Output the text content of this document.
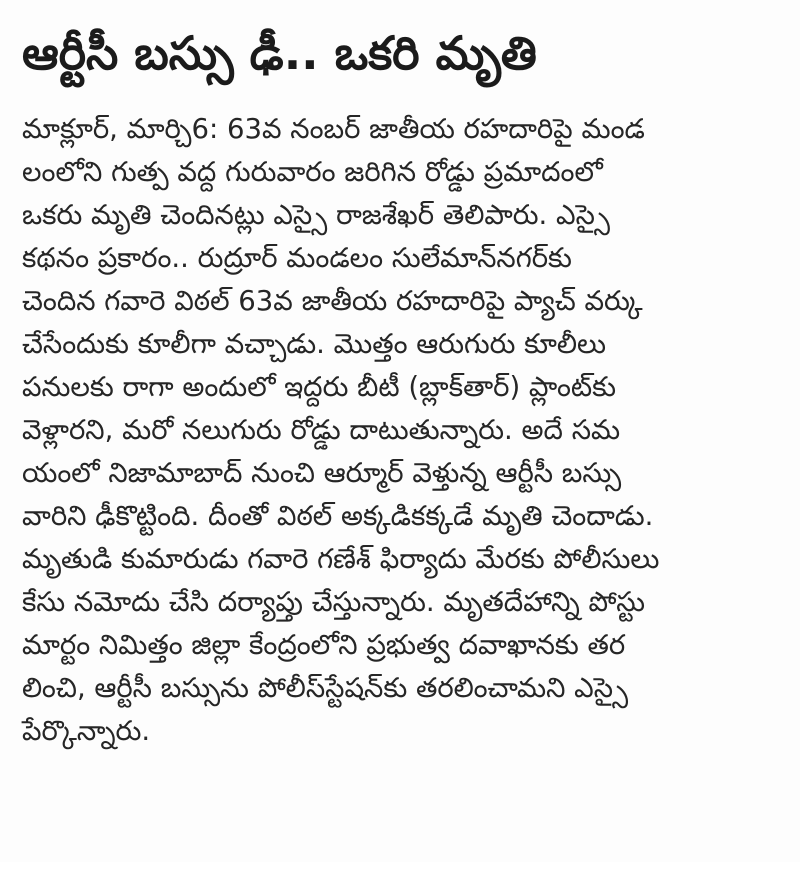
ఆర్టీసీ బస్సు ఢీ.. ఒకరి మృతి
మాక్లూర్, మార్చి6: 63వ నంబర్ జాతీయ రహదారిపై మండ
లంలోని గుత్ప వద్ద గురువారం జరిగిన రోడ్డు ప్రమాదంలో
ఒకరు మృతి చెందినట్లు ఎస్సై రాజశేఖర్ తెలిపారు. ఎస్సై
కథనం ప్రకారం.. రుద్రూర్ మండలం సులేమాన్‌నగర్‌కు
చెందిన గవారె విఠల్ 63వ జాతీయ రహదారిపై ప్యాచ్ వర్కు
చేసేందుకు కూలీగా వచ్చాడు. మొత్తం ఆరుగురు కూలీలు
పనులకు రాగా అందులో ఇద్దరు బీటీ (బ్లాక్‌తార్) ప్లాంట్‌కు
వెళ్లారని, మరో నలుగురు రోడ్డు దాటుతున్నారు. అదే సమ
యంలో నిజామాబాద్ నుంచి ఆర్మూర్ వెళ్తున్న ఆర్టీసీ బస్సు
వారిని ఢీకొట్టింది. దీంతో విఠల్ అక్కడికక్కడే మృతి చెందాడు.
మృతుడి కుమారుడు గవారె గణేశ్ ఫిర్యాదు మేరకు పోలీసులు
కేసు నమోదు చేసి దర్యాప్తు చేస్తున్నారు. మృతదేహాన్ని పోస్టు
మార్టం నిమిత్తం జిల్లా కేంద్రంలోని ప్రభుత్వ దవాఖానకు తర
లించి, ఆర్టీసీ బస్సును పోలీస్‌స్టేషన్‌కు తరలించామని ఎస్సై
పేర్కొన్నారు.
